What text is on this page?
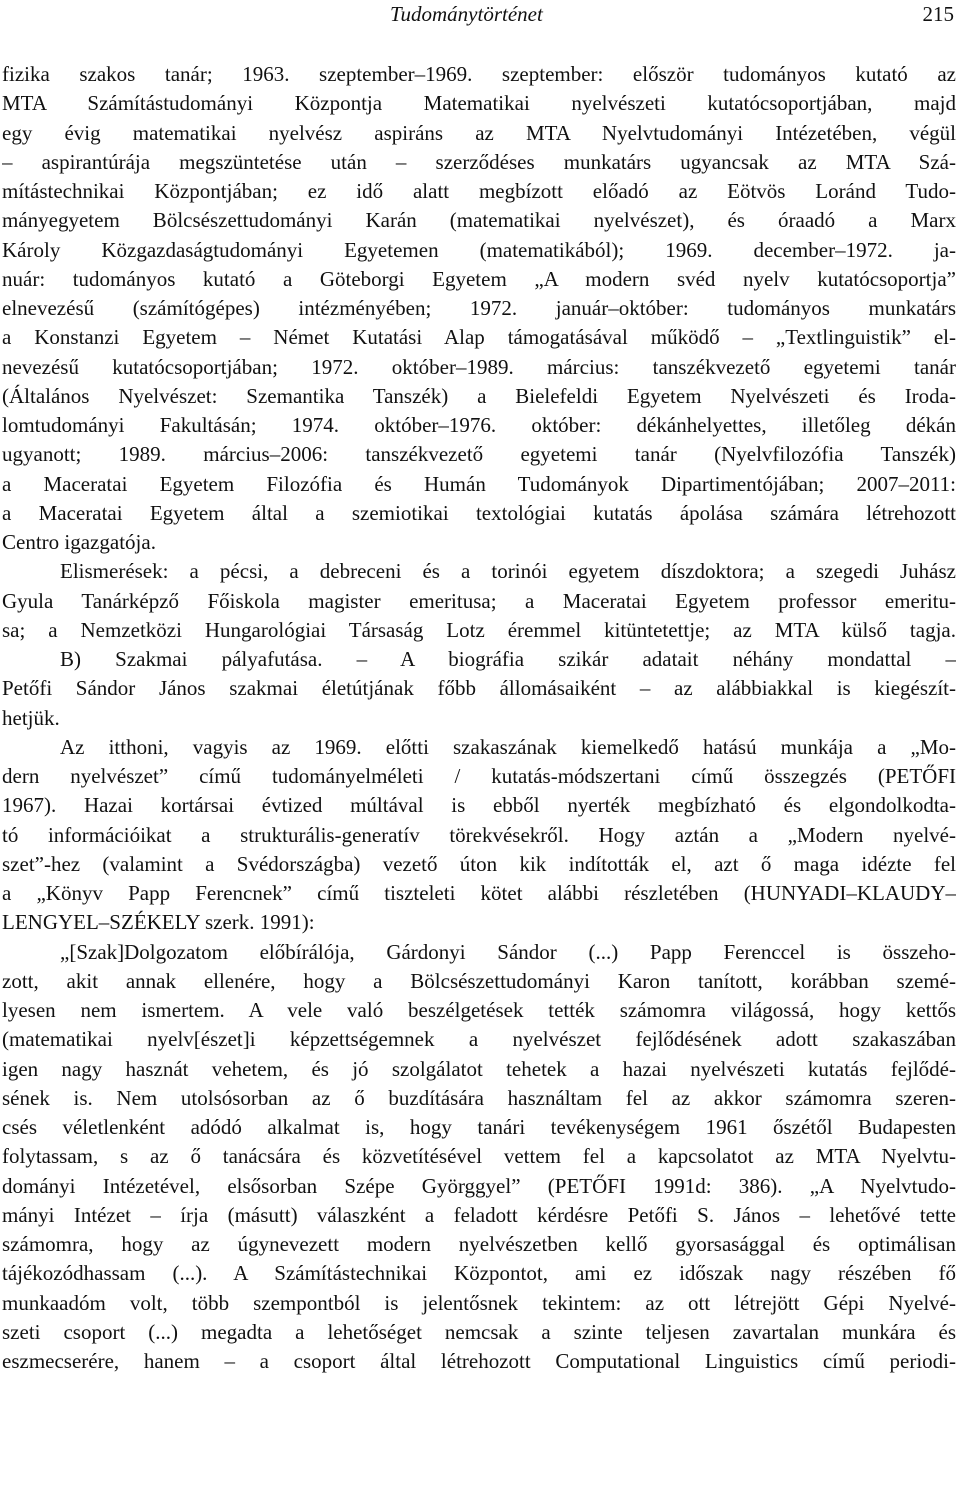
Tudománytörténet	215
fizika szakos tanár; 1963. szeptember–1969. szeptember: először tudományos kutató az
MTA Számítástudományi Központja Matematikai nyelvészeti kutatócsoportjában, majd
egy évig matematikai nyelvész aspiráns az MTA Nyelvtudományi Intézetében, végül
– aspirantúrája megszüntetése után – szerződéses munkatárs ugyancsak az MTA Szá-
mítástechnikai Központjában; ez idő alatt megbízott előadó az Eötvös Loránd Tudo-
mányegyetem Bölcsészettudományi Karán (matematikai nyelvészet), és óraadó a Marx
Károly Közgazdaságtudományi Egyetemen (matematikából); 1969. december–1972. ja-
nuár: tudományos kutató a Göteborgi Egyetem „A modern svéd nyelv kutatócsoportja”
elnevezésű (számítógépes) intézményében; 1972. január–október: tudományos munkatárs
a Konstanzi Egyetem – Német Kutatási Alap támogatásával működő – „Textlinguistik” el-
nevezésű kutatócsoportjában; 1972. október–1989. március: tanszékvezető egyetemi tanár
(Általános Nyelvészet: Szemantika Tanszék) a Bielefeldi Egyetem Nyelvészeti és Iroda-
lomtudományi Fakultásán; 1974. október–1976. október: dékánhelyettes, illetőleg dékán
ugyanott; 1989. március–2006: tanszékvezető egyetemi tanár (Nyelvfilozófia Tanszék)
a Maceratai Egyetem Filozófia és Humán Tudományok Dipartimentójában; 2007–2011:
a Maceratai Egyetem által a szemiotikai textológiai kutatás ápolása számára létrehozott
Centro igazgatója.
Elismerések: a pécsi, a debreceni és a torinói egyetem díszdoktora; a szegedi Juhász
Gyula Tanárképző Főiskola magister emeritusa; a Maceratai Egyetem professor emeritu-
sa; a Nemzetközi Hungarológiai Társaság Lotz éremmel kitüntetettje; az MTA külső tagja.
B) Szakmai pályafutása. – A biográfia szikár adatait néhány mondattal –
Petőfi Sándor János szakmai életútjának főbb állomásaiként – az alábbiakkal is kiegészít-
hetjük.
Az itthoni, vagyis az 1969. előtti szakaszának kiemelkedő hatású munkája a „Mo-
dern nyelvészet” című tudományelméleti / kutatás-módszertani című összegzés (PETŐFI
1967). Hazai kortársai évtized múltával is ebből nyerték megbízható és elgondolkodta-
tó információikat a strukturális-generatív törekvésekről. Hogy aztán a „Modern nyelvé-
szet”-hez (valamint a Svédországba) vezető úton kik indították el, azt ő maga idézte fel
a „Könyv Papp Ferencnek” című tiszteleti kötet alábbi részletében (HUNYADI–KLAUDY–
LENGYEL–SZÉKELY szerk. 1991):
„[Szak]Dolgozatom előbírálója, Gárdonyi Sándor (...) Papp Ferenccel is összeho-
zott, akit annak ellenére, hogy a Bölcsészettudományi Karon tanított, korábban szemé-
lyesen nem ismertem. A vele való beszélgetések tették számomra világossá, hogy kettős
(matematikai nyelv[észet]i képzettségemnek a nyelvészet fejlődésének adott szakaszában
igen nagy hasznát vehetem, és jó szolgálatot tehetek a hazai nyelvészeti kutatás fejlődé-
sének is. Nem utolsósorban az ő buzdítására használtam fel az akkor számomra szeren-
csés véletlenként adódó alkalmat is, hogy tanári tevékenységem 1961 őszétől Budapesten
folytassam, s az ő tanácsára és közvetítésével vettem fel a kapcsolatot az MTA Nyelvtu-
dományi Intézetével, elsősorban Szépe Györggyel” (PETŐFI 1991d: 386). „A Nyelvtudo-
mányi Intézet – írja (másutt) válaszként a feladott kérdésre Petőfi S. János – lehetővé tette
számomra, hogy az úgynevezett modern nyelvészetben kellő gyorsasággal és optimálisan
tájékozódhassam (...). A Számítástechnikai Központot, ami ez időszak nagy részében fő
munkaadóm volt, több szempontból is jelentősnek tekintem: az ott létrejött Gépi Nyelvé-
szeti csoport (...) megadta a lehetőséget nemcsak a szinte teljesen zavartalan munkára és
eszmecserére, hanem – a csoport által létrehozott Computational Linguistics című periodi-
